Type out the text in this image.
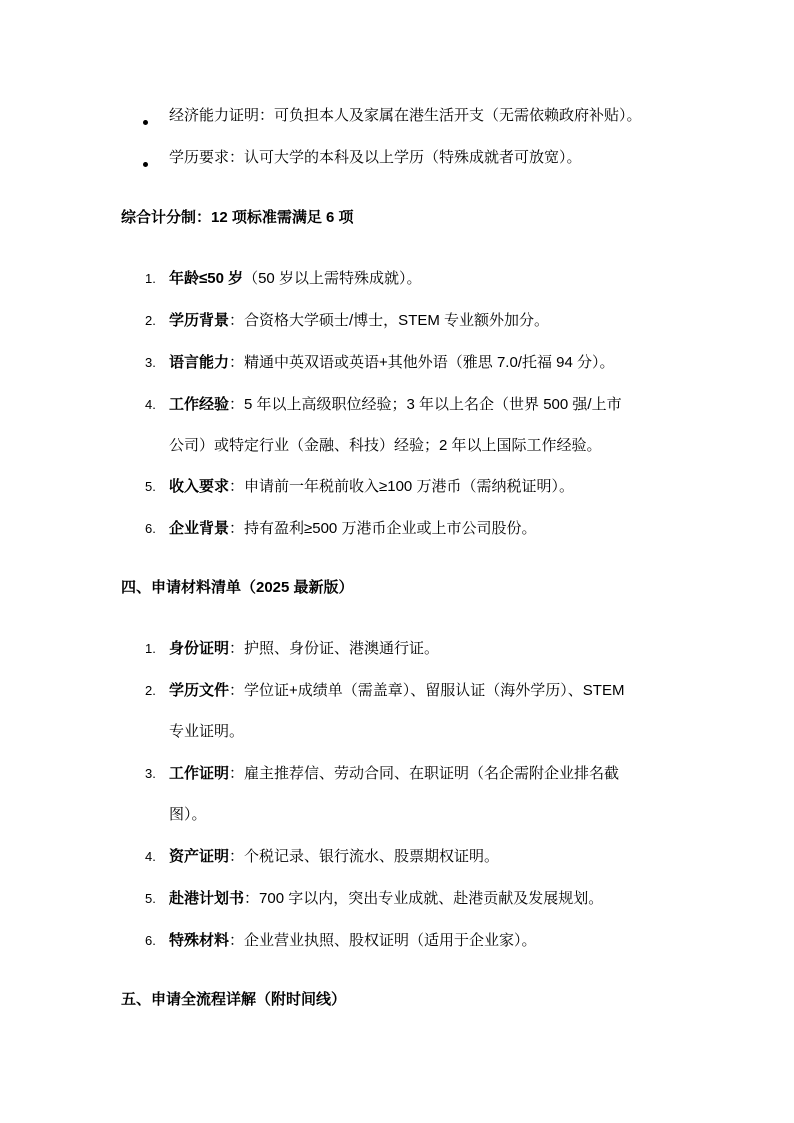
经济能力证明：可负担本人及家属在港生活开支（无需依赖政府补贴）。
学历要求：认可大学的本科及以上学历（特殊成就者可放宽）。
综合计分制：12 项标准需满足 6 项
1. 年龄≤50 岁（50 岁以上需特殊成就）。
2. 学历背景：合资格大学硕士/博士，STEM 专业额外加分。
3. 语言能力：精通中英双语或英语+其他外语（雅思 7.0/托福 94 分）。
4. 工作经验：5 年以上高级职位经验；3 年以上名企（世界 500 强/上市
公司）或特定行业（金融、科技）经验；2 年以上国际工作经验。
5. 收入要求：申请前一年税前收入≥100 万港币（需纳税证明）。
6. 企业背景：持有盈利≥500 万港币企业或上市公司股份。
四、申请材料清单（2025 最新版）
1. 身份证明：护照、身份证、港澳通行证。
2. 学历文件：学位证+成绩单（需盖章）、留服认证（海外学历）、STEM
专业证明。
3. 工作证明：雇主推荐信、劳动合同、在职证明（名企需附企业排名截
图）。
4. 资产证明：个税记录、银行流水、股票期权证明。
5. 赴港计划书：700 字以内，突出专业成就、赴港贡献及发展规划。
6. 特殊材料：企业营业执照、股权证明（适用于企业家）。
五、申请全流程详解（附时间线）
